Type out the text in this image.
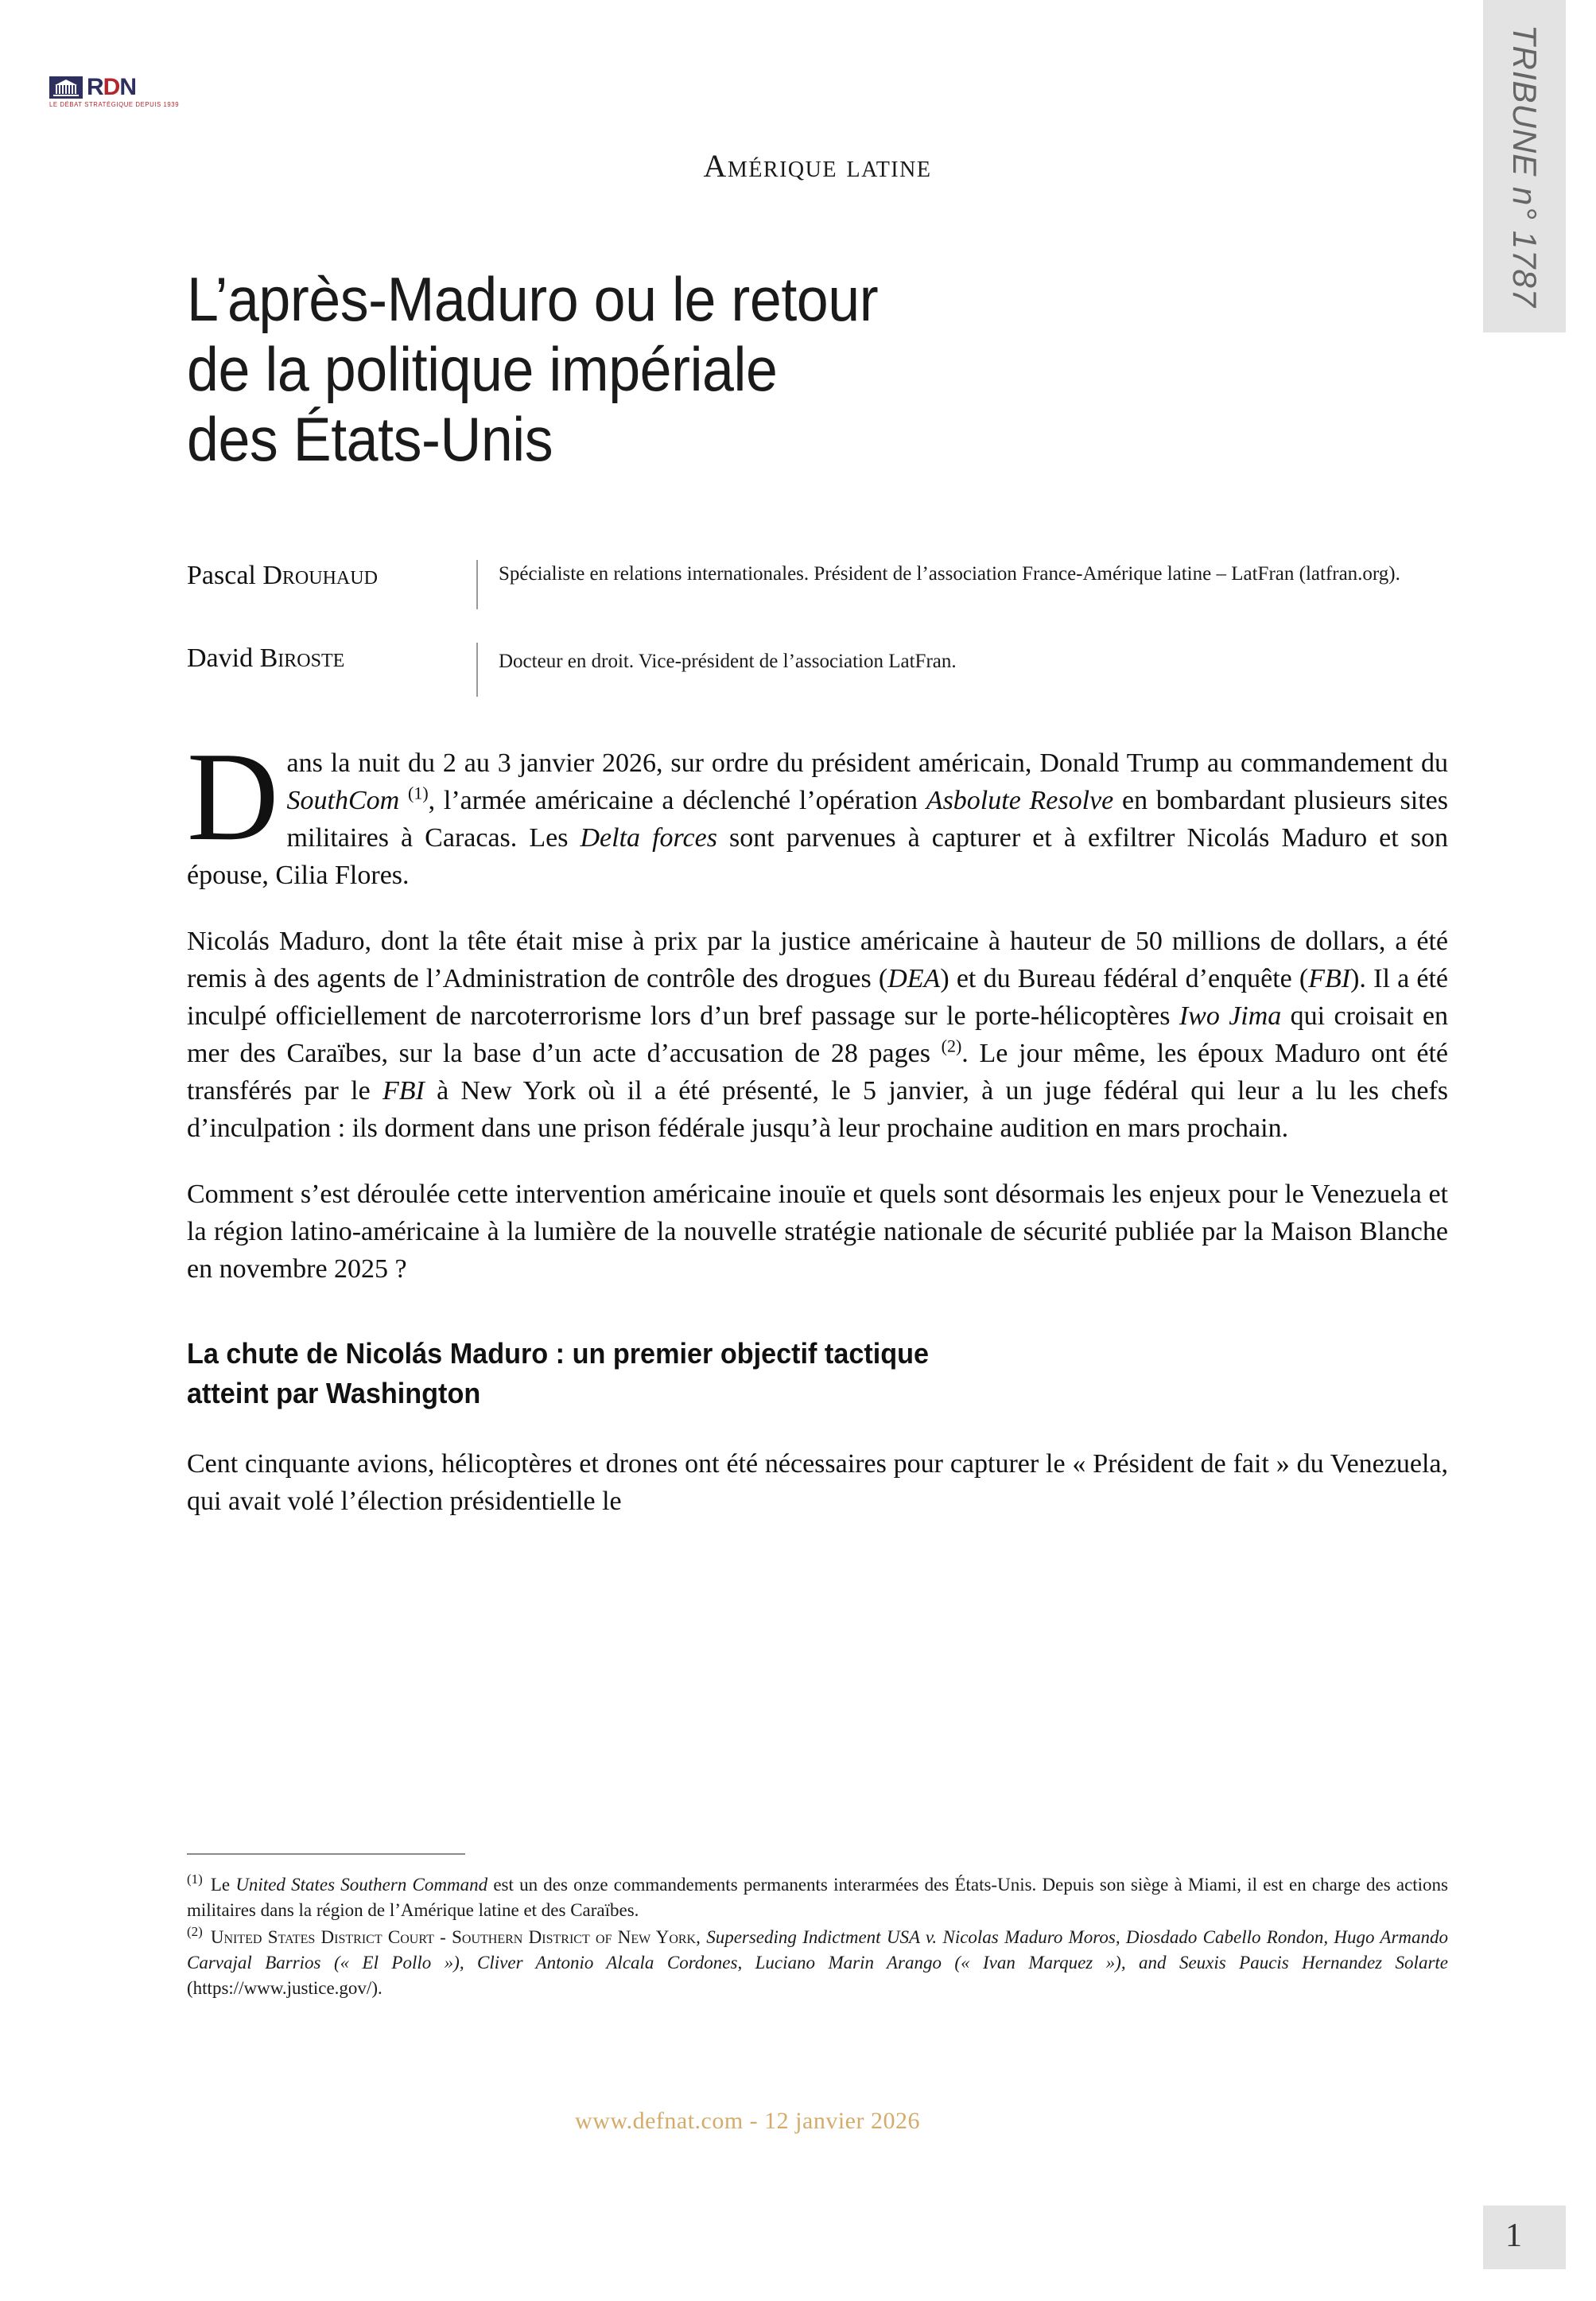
TRIBUNE n° 1787
1
RDN
LE DÉBAT STRATÉGIQUE DEPUIS 1939
Amérique latine
L’après-Maduro ou le retour
de la politique impériale
des États-Unis
Pascal Drouhaud	Spécialiste en relations internationales. Président de l’association France-Amérique latine – LatFran (latfran.org).
David Biroste	Docteur en droit. Vice-président de l’association LatFran.

Dans la nuit du 2 au 3 janvier 2026, sur ordre du président américain, Donald Trump au commandement du SouthCom $^{(1)}$, l’armée américaine a déclenché l’opération Asbolute Resolve en bombardant plusieurs sites militaires à Caracas. Les Delta forces sont parvenues à capturer et à exfiltrer Nicolás Maduro et son épouse, Cilia Flores.

Nicolás Maduro, dont la tête était mise à prix par la justice américaine à hauteur de 50 millions de dollars, a été remis à des agents de l’Administration de contrôle des drogues (DEA) et du Bureau fédéral d’enquête (FBI). Il a été inculpé officiellement de narcoterrorisme lors d’un bref passage sur le porte-hélicoptères Iwo Jima qui croisait en mer des Caraïbes, sur la base d’un acte d’accusation de 28 pages $^{(2)}$. Le jour même, les époux Maduro ont été transférés par le FBI à New York où il a été présenté, le 5 janvier, à un juge fédéral qui leur a lu les chefs d’inculpation : ils dorment dans une prison fédérale jusqu’à leur prochaine audition en mars prochain.

Comment s’est déroulée cette intervention américaine inouïe et quels sont désormais les enjeux pour le Venezuela et la région latino-américaine à la lumière de la nouvelle stratégie nationale de sécurité publiée par la Maison Blanche en novembre 2025 ?

La chute de Nicolás Maduro : un premier objectif tactique
atteint par Washington

Cent cinquante avions, hélicoptères et drones ont été nécessaires pour capturer le « Président de fait » du Venezuela, qui avait volé l’élection présidentielle le

$^{(1)}$ Le United States Southern Command est un des onze commandements permanents interarmées des États-Unis. Depuis son siège à Miami, il est en charge des actions militaires dans la région de l’Amérique latine et des Caraïbes.
$^{(2)}$ United States District Court - Southern District of New York, Superseding Indictment USA v. Nicolas Maduro Moros, Diosdado Cabello Rondon, Hugo Armando Carvajal Barrios (« El Pollo »), Cliver Antonio Alcala Cordones, Luciano Marin Arango (« Ivan Marquez »), and Seuxis Paucis Hernandez Solarte (https://www.justice.gov/).
www.defnat.com - 12 janvier 2026
